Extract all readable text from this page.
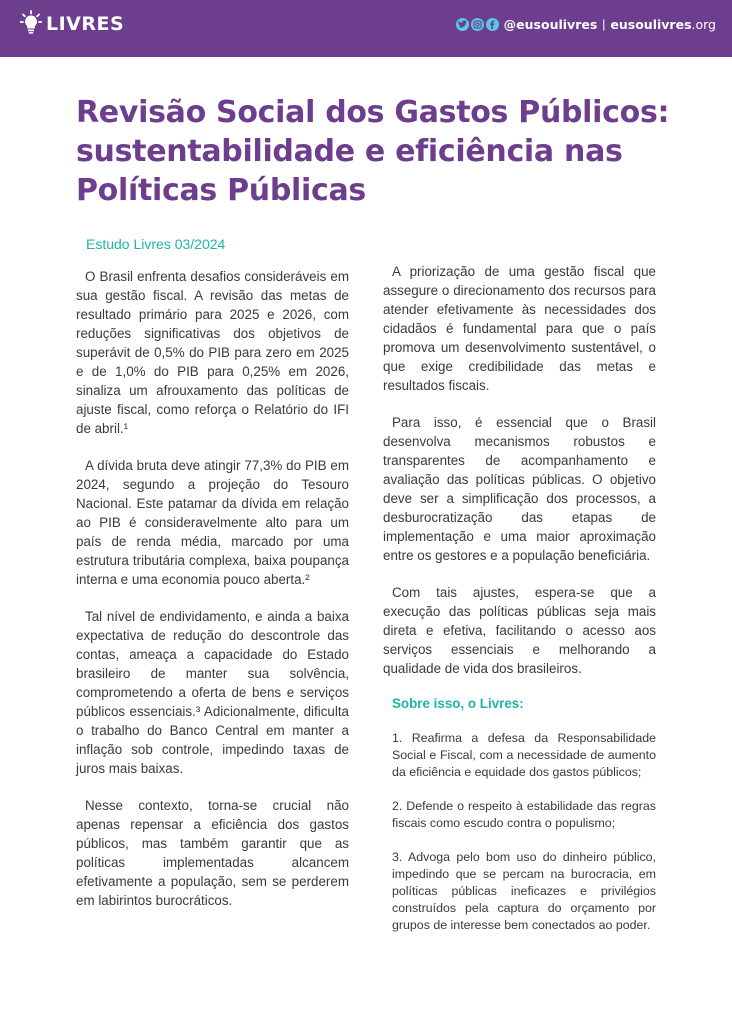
LIVRES	@eusoulivres | eusoulivres.org
Revisão Social dos Gastos Públicos: sustentabilidade e eficiência nas Políticas Públicas
Estudo Livres 03/2024

O Brasil enfrenta desafios consideráveis em sua gestão fiscal. A revisão das metas de resultado primário para 2025 e 2026, com reduções significativas dos objetivos de superávit de 0,5% do PIB para zero em 2025 e de 1,0% do PIB para 0,25% em 2026, sinaliza um afrouxamento das políticas de ajuste fiscal, como reforça o Relatório do IFI de abril.¹

A dívida bruta deve atingir 77,3% do PIB em 2024, segundo a projeção do Tesouro Nacional. Este patamar da dívida em relação ao PIB é consideravelmente alto para um país de renda média, marcado por uma estrutura tributária complexa, baixa poupança interna e uma economia pouco aberta.²

Tal nível de endividamento, e ainda a baixa expectativa de redução do descontrole das contas, ameaça a capacidade do Estado brasileiro de manter sua solvência, comprometendo a oferta de bens e serviços públicos essenciais.³ Adicionalmente, dificulta o trabalho do Banco Central em manter a inflação sob controle, impedindo taxas de juros mais baixas.

Nesse contexto, torna-se crucial não apenas repensar a eficiência dos gastos públicos, mas também garantir que as políticas implementadas alcancem efetivamente a população, sem se perderem em labirintos burocráticos.

A priorização de uma gestão fiscal que assegure o direcionamento dos recursos para atender efetivamente às necessidades dos cidadãos é fundamental para que o país promova um desenvolvimento sustentável, o que exige credibilidade das metas e resultados fiscais.

Para isso, é essencial que o Brasil desenvolva mecanismos robustos e transparentes de acompanhamento e avaliação das políticas públicas. O objetivo deve ser a simplificação dos processos, a desburocratização das etapas de implementação e uma maior aproximação entre os gestores e a população beneficiária.

Com tais ajustes, espera-se que a execução das políticas públicas seja mais direta e efetiva, facilitando o acesso aos serviços essenciais e melhorando a qualidade de vida dos brasileiros.

Sobre isso, o Livres:

1. Reafirma a defesa da Responsabilidade Social e Fiscal, com a necessidade de aumento da eficiência e equidade dos gastos públicos;

2. Defende o respeito à estabilidade das regras fiscais como escudo contra o populismo;

3. Advoga pelo bom uso do dinheiro público, impedindo que se percam na burocracia, em políticas públicas ineficazes e privilégios construídos pela captura do orçamento por grupos de interesse bem conectados ao poder.
